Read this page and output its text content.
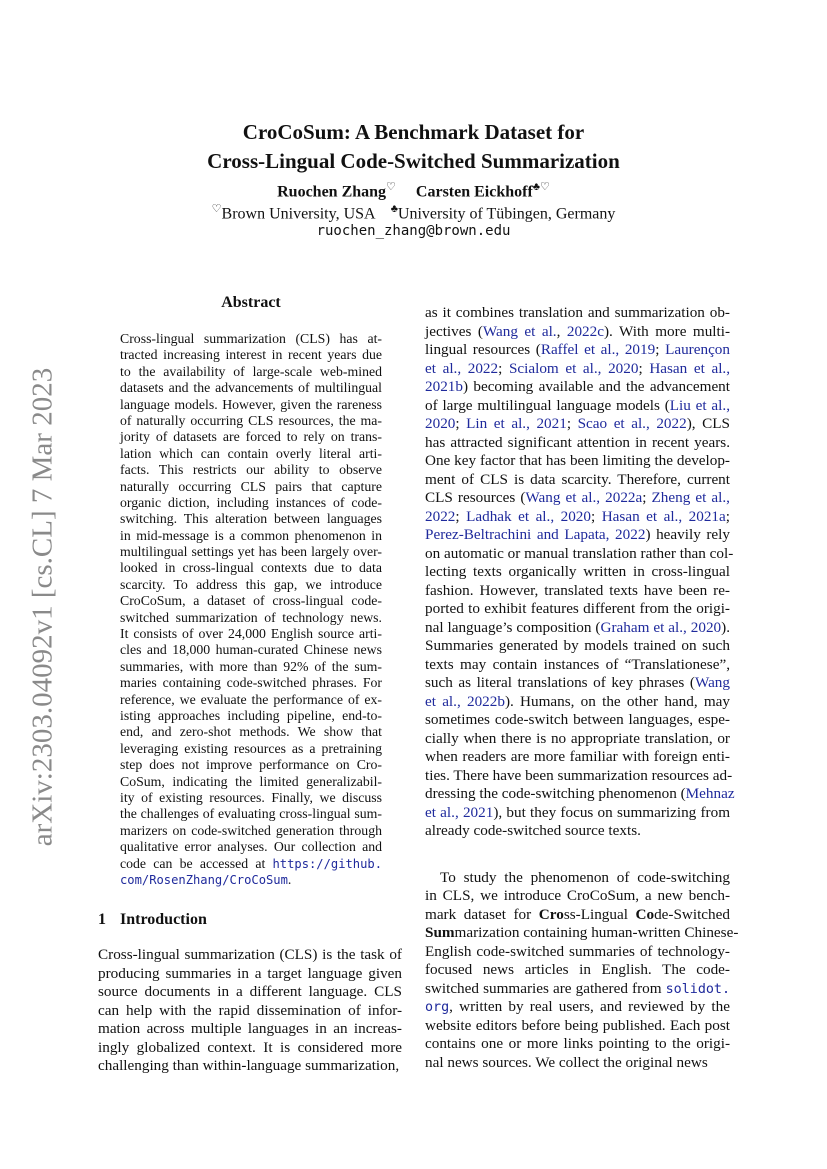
CroCoSum: A Benchmark Dataset for
Cross-Lingual Code-Switched Summarization
Ruochen Zhang♡ Carsten Eickhoff♣♡
♡Brown University, USA ♣University of Tübingen, Germany
ruochen_zhang@brown.edu
arXiv:2303.04092v1 [cs.CL] 7 Mar 2023
Abstract
Cross-lingual summarization (CLS) has at-
tracted increasing interest in recent years due
to the availability of large-scale web-mined
datasets and the advancements of multilingual
language models. However, given the rareness
of naturally occurring CLS resources, the ma-
jority of datasets are forced to rely on trans-
lation which can contain overly literal arti-
facts. This restricts our ability to observe
naturally occurring CLS pairs that capture
organic diction, including instances of code-
switching. This alteration between languages
in mid-message is a common phenomenon in
multilingual settings yet has been largely over-
looked in cross-lingual contexts due to data
scarcity. To address this gap, we introduce
CroCoSum, a dataset of cross-lingual code-
switched summarization of technology news.
It consists of over 24,000 English source arti-
cles and 18,000 human-curated Chinese news
summaries, with more than 92% of the sum-
maries containing code-switched phrases. For
reference, we evaluate the performance of ex-
isting approaches including pipeline, end-to-
end, and zero-shot methods. We show that
leveraging existing resources as a pretraining
step does not improve performance on Cro-
CoSum, indicating the limited generalizabil-
ity of existing resources. Finally, we discuss
the challenges of evaluating cross-lingual sum-
marizers on code-switched generation through
qualitative error analyses. Our collection and
code can be accessed at https://github.
com/RosenZhang/CroCoSum.
1 Introduction
Cross-lingual summarization (CLS) is the task of
producing summaries in a target language given
source documents in a different language. CLS
can help with the rapid dissemination of infor-
mation across multiple languages in an increas-
ingly globalized context. It is considered more
challenging than within-language summarization,
as it combines translation and summarization ob-
jectives (Wang et al., 2022c). With more multi-
lingual resources (Raffel et al., 2019; Laurençon
et al., 2022; Scialom et al., 2020; Hasan et al.,
2021b) becoming available and the advancement
of large multilingual language models (Liu et al.,
2020; Lin et al., 2021; Scao et al., 2022), CLS
has attracted significant attention in recent years.
One key factor that has been limiting the develop-
ment of CLS is data scarcity. Therefore, current
CLS resources (Wang et al., 2022a; Zheng et al.,
2022; Ladhak et al., 2020; Hasan et al., 2021a;
Perez-Beltrachini and Lapata, 2022) heavily rely
on automatic or manual translation rather than col-
lecting texts organically written in cross-lingual
fashion. However, translated texts have been re-
ported to exhibit features different from the origi-
nal language’s composition (Graham et al., 2020).
Summaries generated by models trained on such
texts may contain instances of “Translationese”,
such as literal translations of key phrases (Wang
et al., 2022b). Humans, on the other hand, may
sometimes code-switch between languages, espe-
cially when there is no appropriate translation, or
when readers are more familiar with foreign enti-
ties. There have been summarization resources ad-
dressing the code-switching phenomenon (Mehnaz
et al., 2021), but they focus on summarizing from
already code-switched source texts.
To study the phenomenon of code-switching
in CLS, we introduce CroCoSum, a new bench-
mark dataset for Cross-Lingual Code-Switched
Summarization containing human-written Chinese-
English code-switched summaries of technology-
focused news articles in English. The code-
switched summaries are gathered from solidot.
org, written by real users, and reviewed by the
website editors before being published. Each post
contains one or more links pointing to the origi-
nal news sources. We collect the original news
